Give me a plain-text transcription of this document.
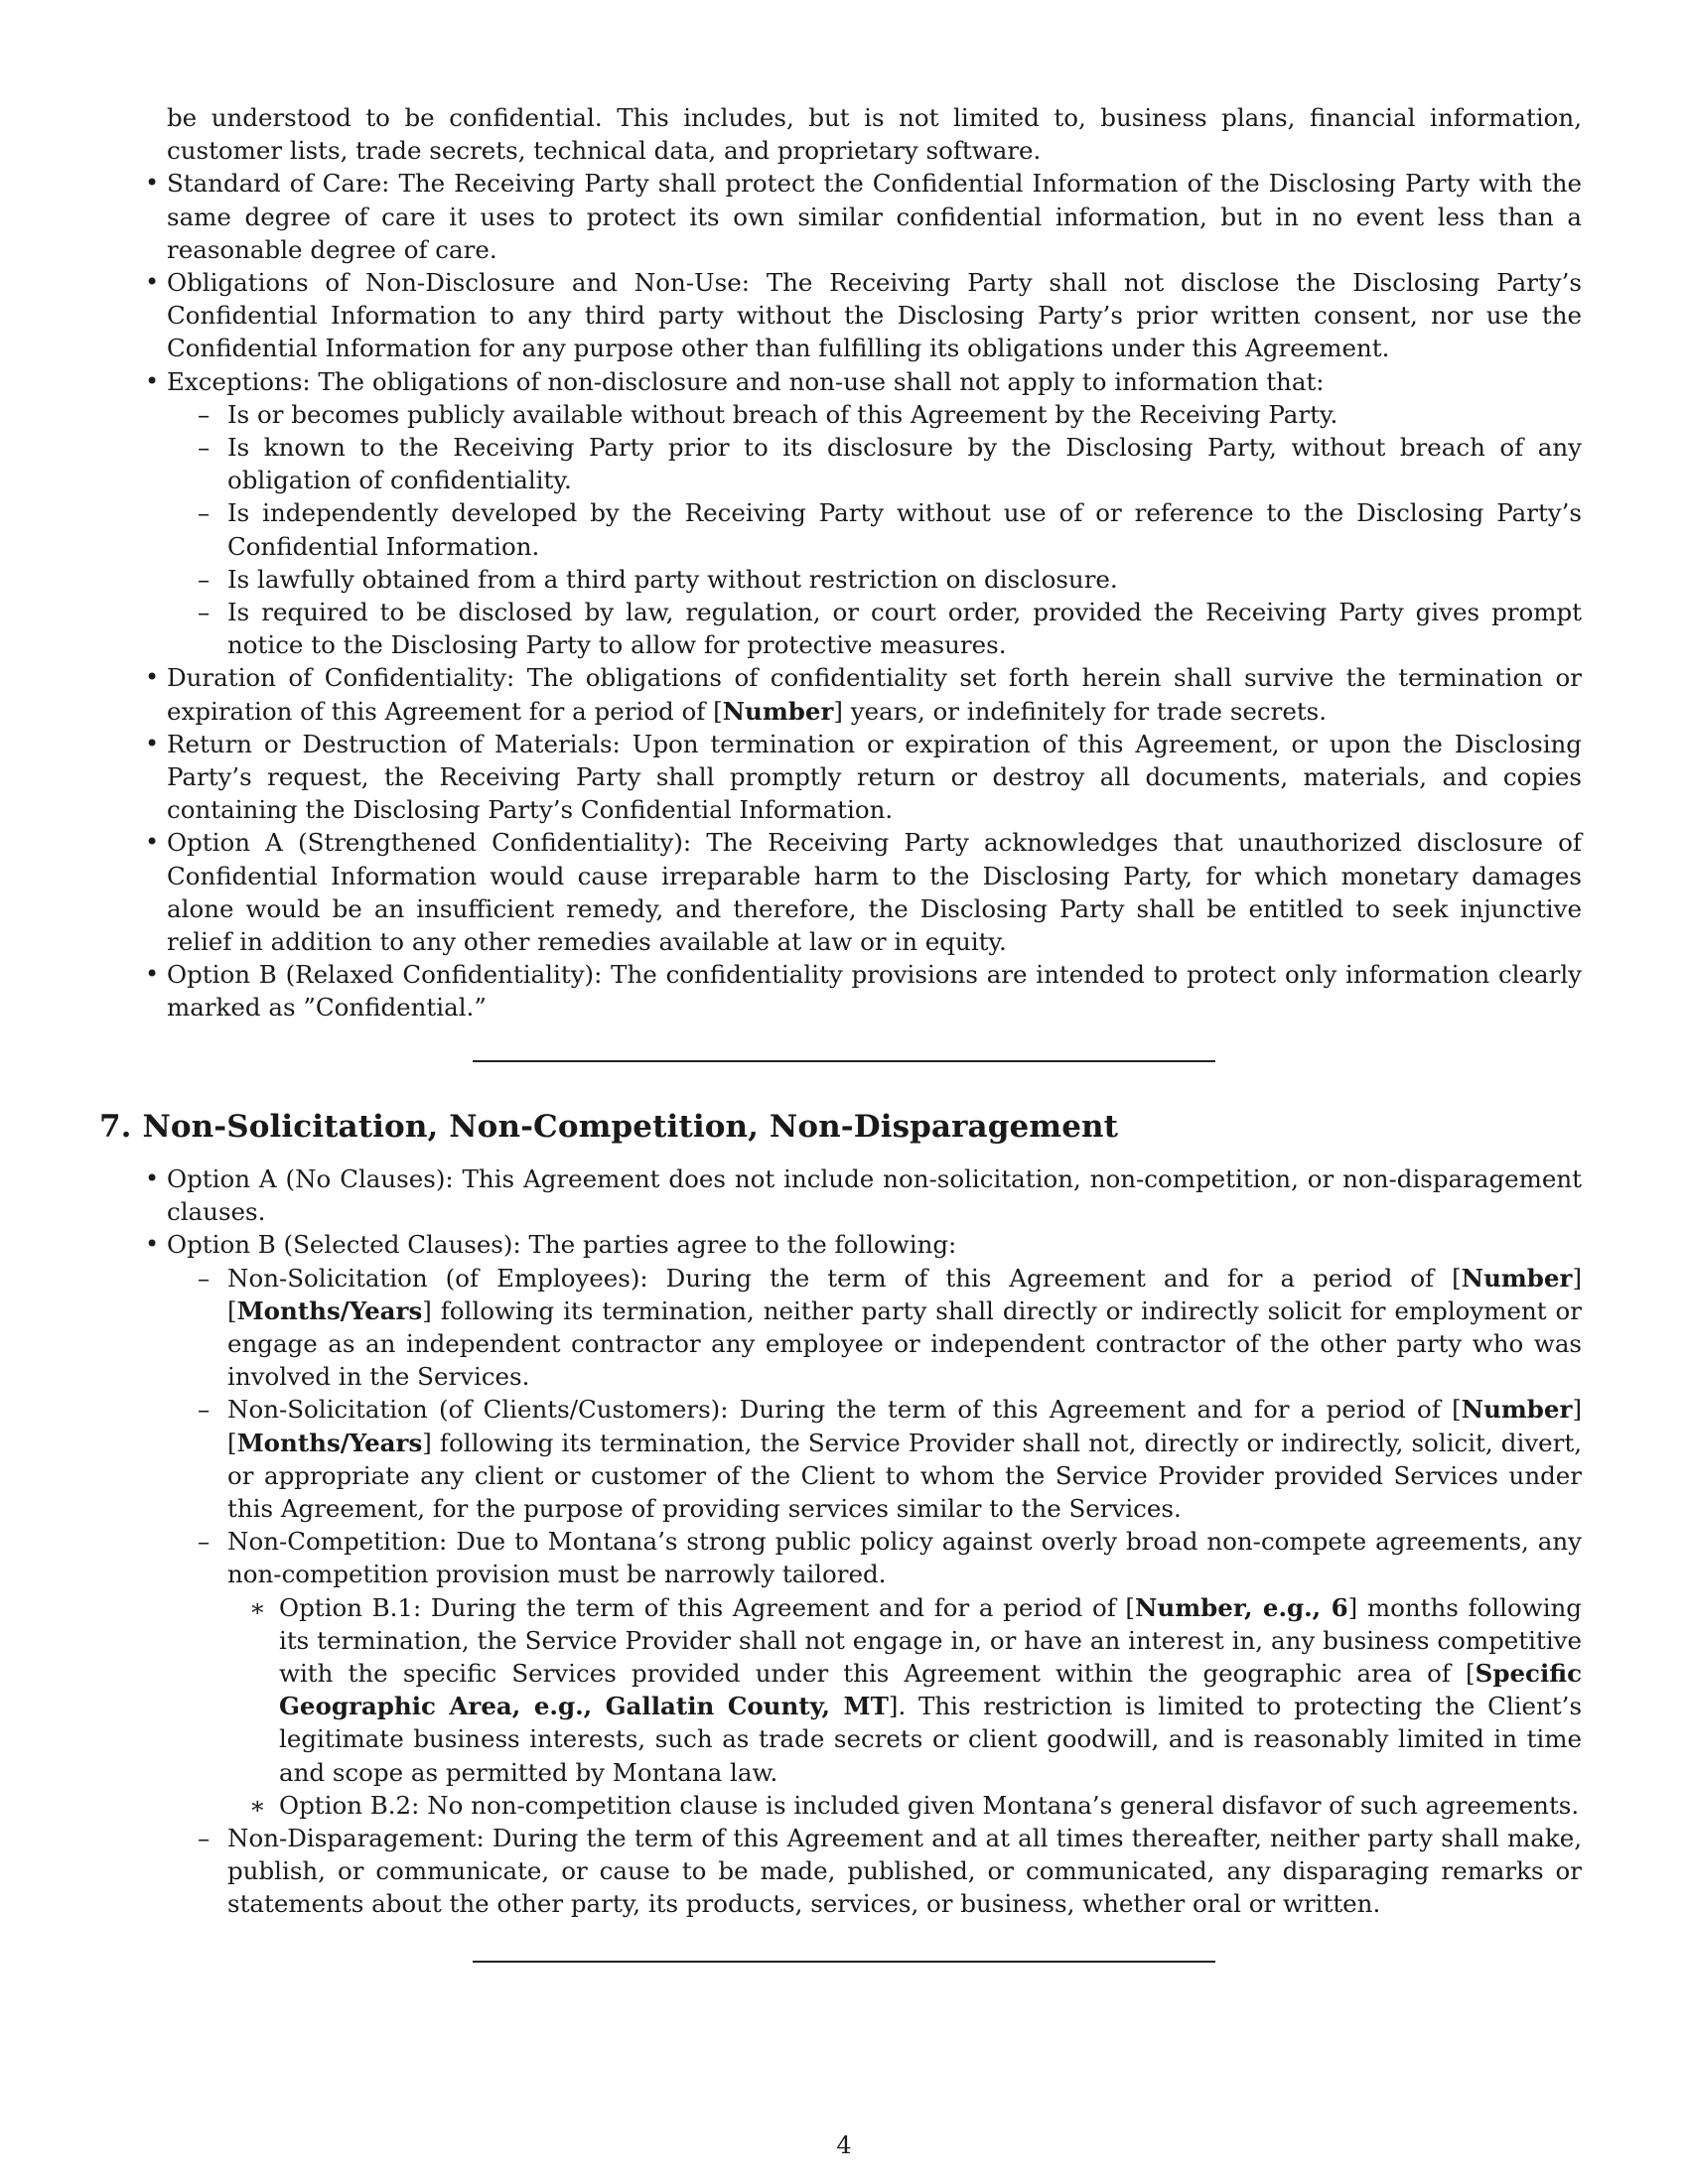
be understood to be confidential. This includes, but is not limited to, business plans, financial information, customer lists, trade secrets, technical data, and proprietary software.
• Standard of Care: The Receiving Party shall protect the Confidential Information of the Disclosing Party with the same degree of care it uses to protect its own similar confidential information, but in no event less than a reasonable degree of care.
• Obligations of Non-Disclosure and Non-Use: The Receiving Party shall not disclose the Disclosing Party’s Confidential Information to any third party without the Disclosing Party’s prior written consent, nor use the Confidential Information for any purpose other than fulfilling its obligations under this Agreement.
• Exceptions: The obligations of non-disclosure and non-use shall not apply to information that:
– Is or becomes publicly available without breach of this Agreement by the Receiving Party.
– Is known to the Receiving Party prior to its disclosure by the Disclosing Party, without breach of any obligation of confidentiality.
– Is independently developed by the Receiving Party without use of or reference to the Disclosing Party’s Confidential Information.
– Is lawfully obtained from a third party without restriction on disclosure.
– Is required to be disclosed by law, regulation, or court order, provided the Receiving Party gives prompt notice to the Disclosing Party to allow for protective measures.
• Duration of Confidentiality: The obligations of confidentiality set forth herein shall survive the termination or expiration of this Agreement for a period of [Number] years, or indefinitely for trade secrets.
• Return or Destruction of Materials: Upon termination or expiration of this Agreement, or upon the Disclosing Party’s request, the Receiving Party shall promptly return or destroy all documents, materials, and copies containing the Disclosing Party’s Confidential Information.
• Option A (Strengthened Confidentiality): The Receiving Party acknowledges that unauthorized disclosure of Confidential Information would cause irreparable harm to the Disclosing Party, for which monetary damages alone would be an insufficient remedy, and therefore, the Disclosing Party shall be entitled to seek injunctive relief in addition to any other remedies available at law or in equity.
• Option B (Relaxed Confidentiality): The confidentiality provisions are intended to protect only information clearly marked as ”Confidential.”
7. Non-Solicitation, Non-Competition, Non-Disparagement
• Option A (No Clauses): This Agreement does not include non-solicitation, non-competition, or non-disparagement clauses.
• Option B (Selected Clauses): The parties agree to the following:
– Non-Solicitation (of Employees): During the term of this Agreement and for a period of [Number] [Months/Years] following its termination, neither party shall directly or indirectly solicit for employment or engage as an independent contractor any employee or independent contractor of the other party who was involved in the Services.
– Non-Solicitation (of Clients/Customers): During the term of this Agreement and for a period of [Number] [Months/Years] following its termination, the Service Provider shall not, directly or indirectly, solicit, divert, or appropriate any client or customer of the Client to whom the Service Provider provided Services under this Agreement, for the purpose of providing services similar to the Services.
– Non-Competition: Due to Montana’s strong public policy against overly broad non-compete agreements, any non-competition provision must be narrowly tailored.
∗ Option B.1: During the term of this Agreement and for a period of [Number, e.g., 6] months following its termination, the Service Provider shall not engage in, or have an interest in, any business competitive with the specific Services provided under this Agreement within the geographic area of [Specific Geographic Area, e.g., Gallatin County, MT]. This restriction is limited to protecting the Client’s legitimate business interests, such as trade secrets or client goodwill, and is reasonably limited in time and scope as permitted by Montana law.
∗ Option B.2: No non-competition clause is included given Montana’s general disfavor of such agreements.
– Non-Disparagement: During the term of this Agreement and at all times thereafter, neither party shall make, publish, or communicate, or cause to be made, published, or communicated, any disparaging remarks or statements about the other party, its products, services, or business, whether oral or written.
4
